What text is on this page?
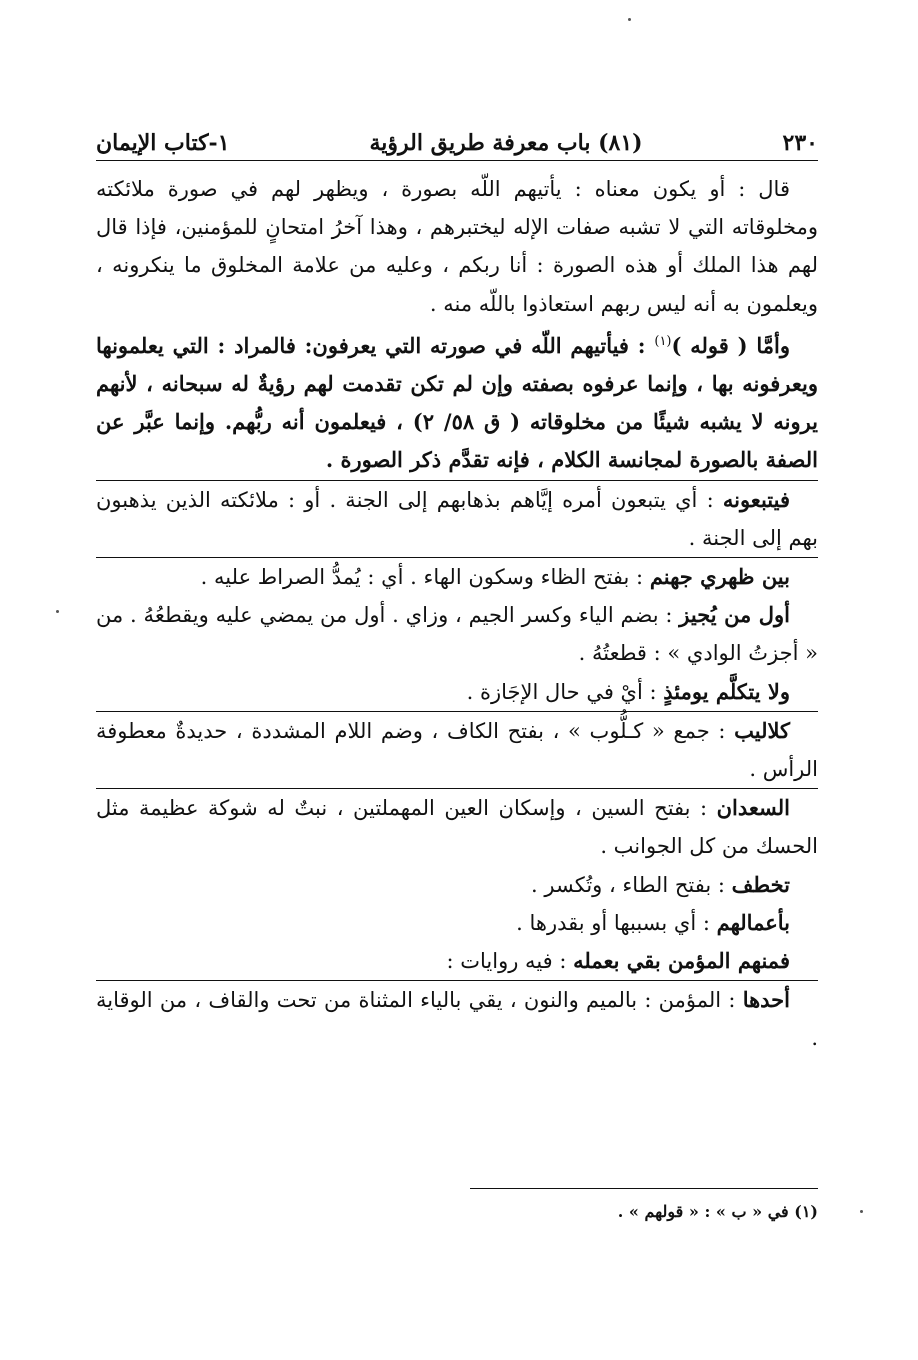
٢٣٠
(٨١) باب معرفة طريق الرؤية
١-كتاب الإيمان

قال : أو يكون معناه : يأتيهم اللّه بصورة ، ويظهر لهم في صورة ملائكته ومخلوقاته التي لا تشبه صفات الإله ليختبرهم ، وهذا آخرُ امتحانٍ للمؤمنين، فإذا قال لهم هذا الملك أو هذه الصورة : أنا ربكم ، وعليه من علامة المخلوق ما ينكرونه ، ويعلمون به أنه ليس ربهم استعاذوا باللّه منه .

وأمَّا ( قوله )$^{(١)}$ : فيأتيهم اللّه في صورته التي يعرفون: فالمراد : التي يعلمونها ويعرفونه بها ، وإنما عرفوه بصفته وإن لم تكن تقدمت لهم رؤيةٌ له سبحانه ، لأنهم يرونه لا يشبه شيئًا من مخلوقاته ( ق ٥٨/ ٢) ، فيعلمون أنه ربُّهم. وإنما عبَّر عن الصفة بالصورة لمجانسة الكلام ، فإنه تقدَّم ذكر الصورة .

فيتبعونه : أي يتبعون أمره إيَّاهم بذهابهم إلى الجنة . أو : ملائكته الذين يذهبون بهم إلى الجنة .

بين ظهري جهنم : بفتح الظاء وسكون الهاء . أي : يُمدُّ الصراط عليه .

أول من يُجيز : بضم الياء وكسر الجيم ، وزاي . أول من يمضي عليه ويقطعُهُ . من « أجزتُ الوادي » : قطعتُهُ .

ولا يتكلَّم يومئذٍ : أيْ في حال الإجَازة .

كلاليب : جمع « كـلُّوب » ، بفتح الكاف ، وضم اللام المشددة ، حديدةٌ معطوفة الرأس .

السعدان : بفتح السين ، وإسكان العين المهملتين ، نبتٌ له شوكة عظيمة مثل الحسك من كل الجوانب .

تخطف : بفتح الطاء ، وتُكسر .

بأعمالهم : أي بسببها أو بقدرها .

فمنهم المؤمن بقي بعمله : فيه روايات :

أحدها : المؤمن : بالميم والنون ، يقي بالياء المثناة من تحت والقاف ، من الوقاية .

(١) في « ب » : « قولهم » .
